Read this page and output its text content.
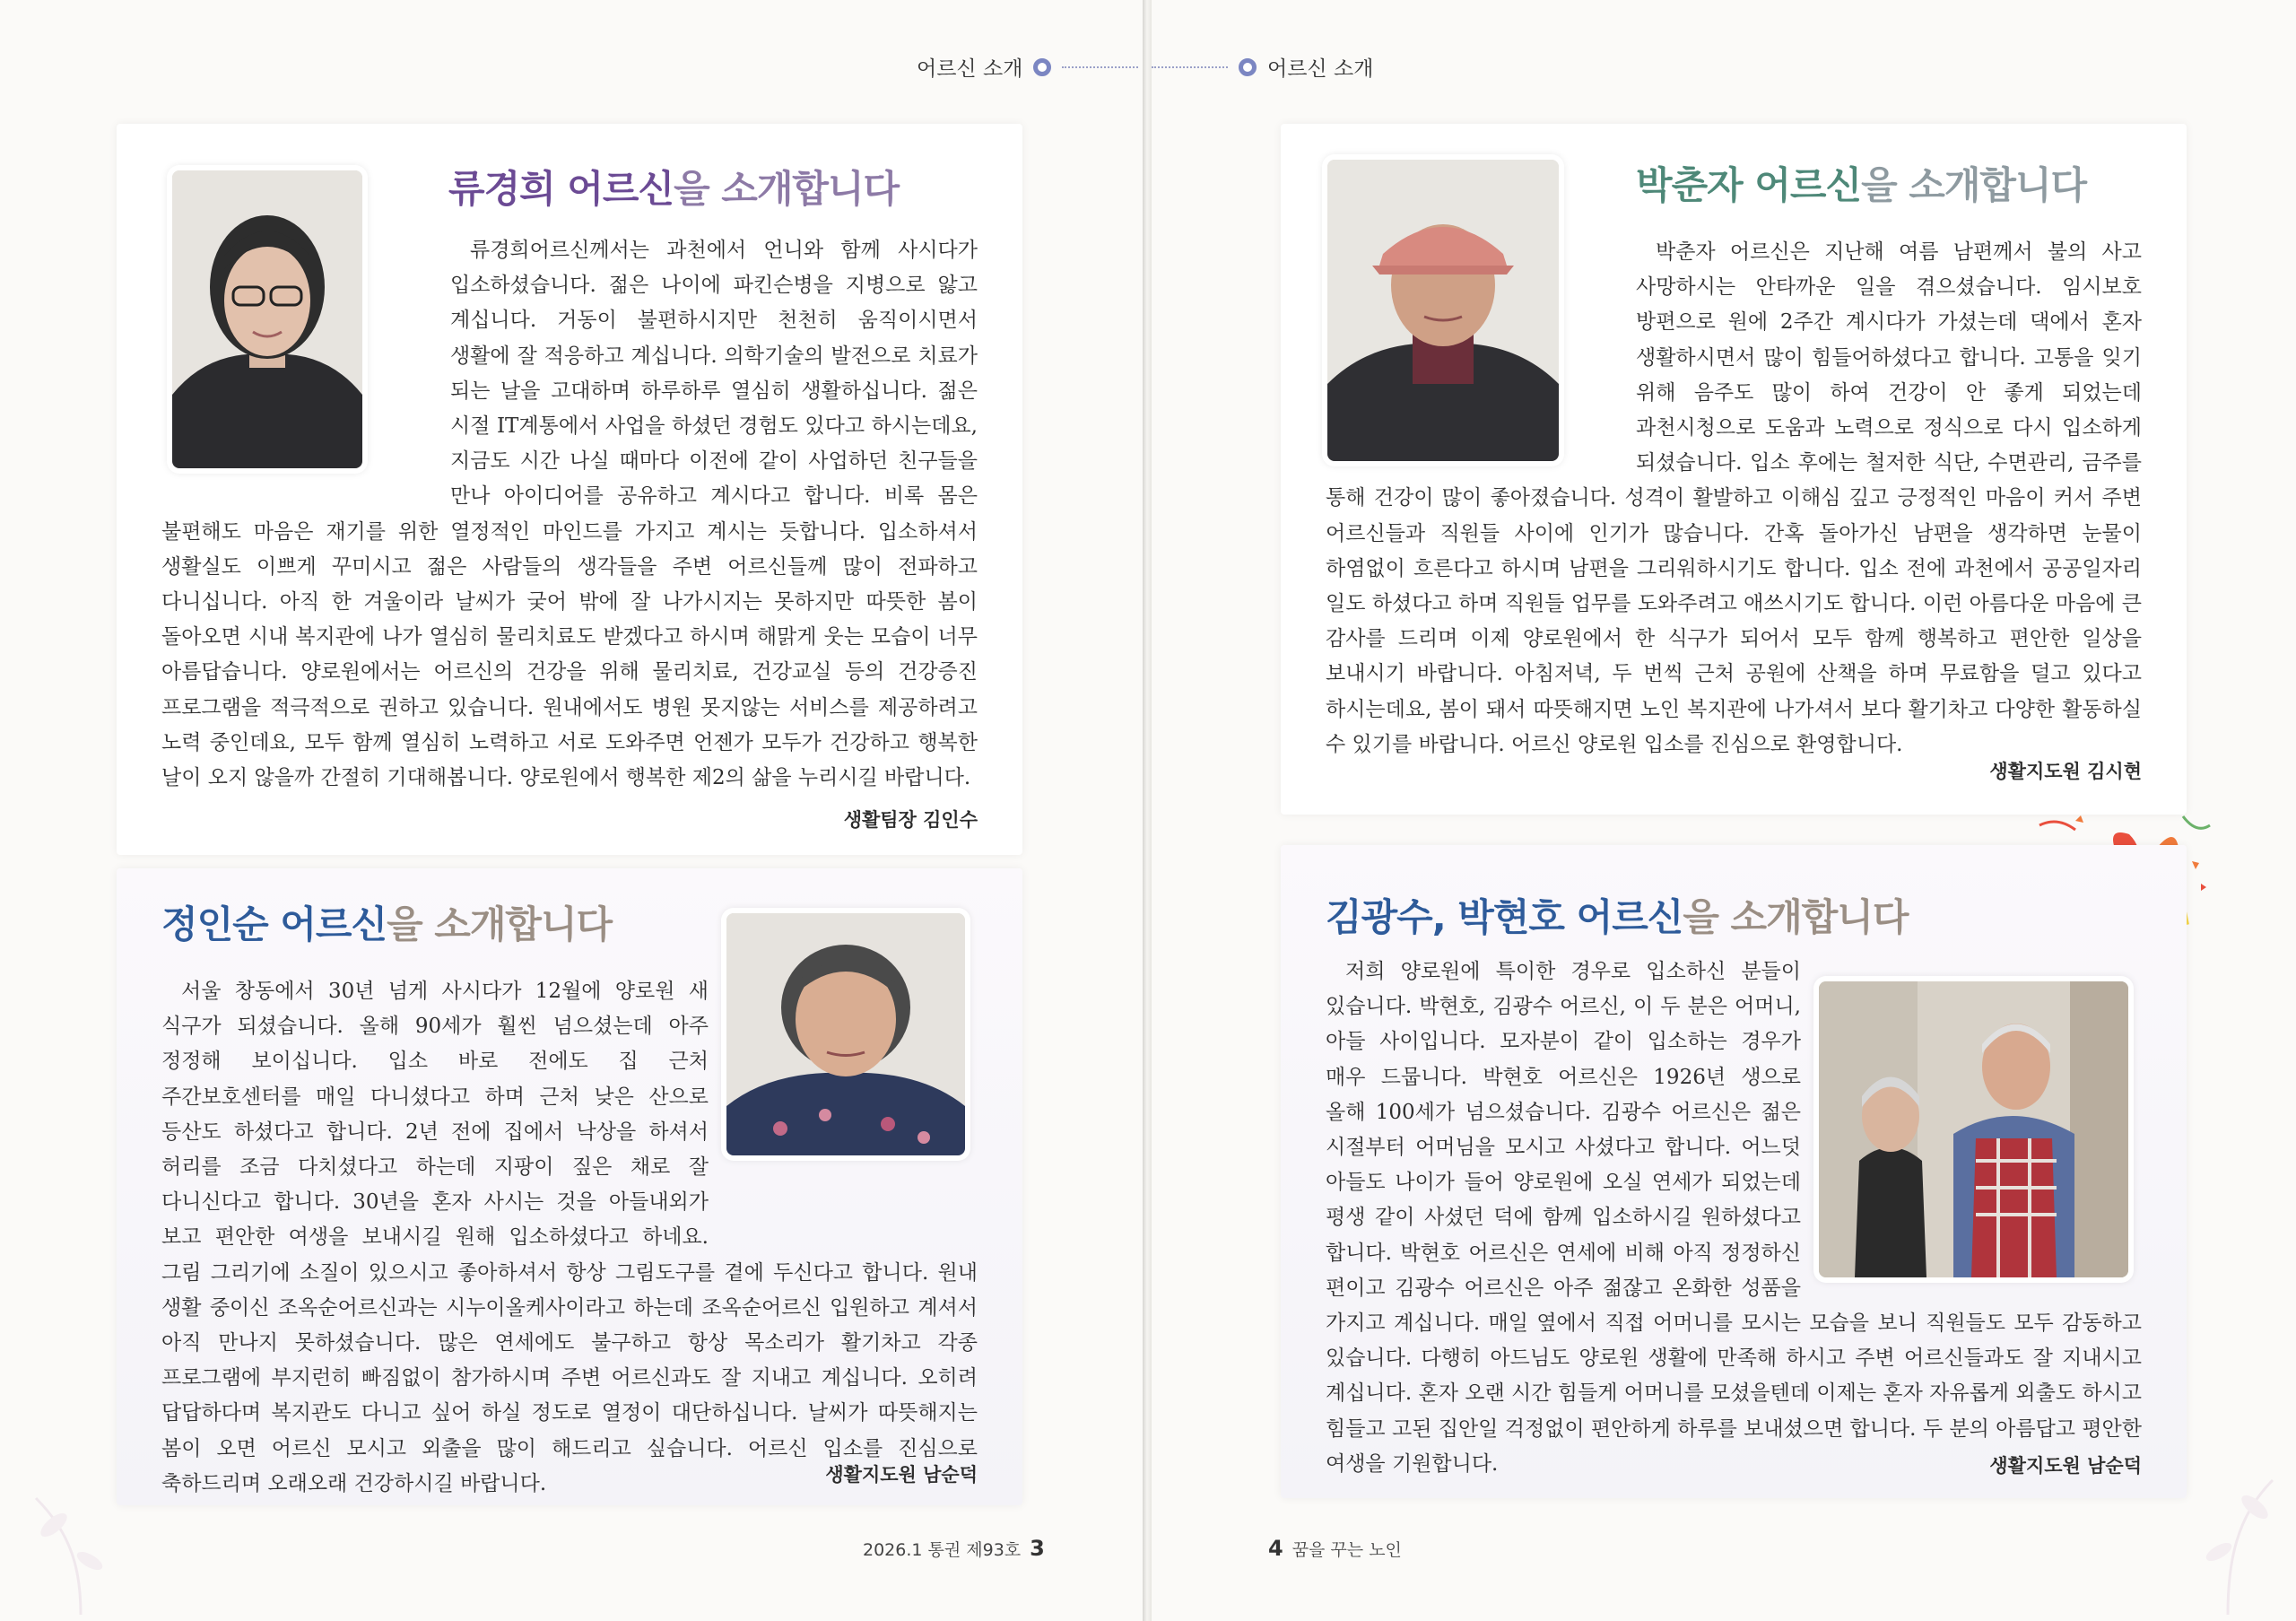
어르신 소개
류경희 어르신을 소개합니다

류경희어르신께서는 과천에서 언니와 함께 사시다가 입소하셨습니다. 젊은 나이에 파킨슨병을 지병으로 앓고 계십니다. 거동이 불편하시지만 천천히 움직이시면서 생활에 잘 적응하고 계십니다. 의학기술의 발전으로 치료가 되는 날을 고대하며 하루하루 열심히 생활하십니다. 젊은 시절 IT계통에서 사업을 하셨던 경험도 있다고 하시는데요, 지금도 시간 나실 때마다 이전에 같이 사업하던 친구들을 만나 아이디어를 공유하고 계시다고 합니다. 비록 몸은 불편해도 마음은 재기를 위한 열정적인 마인드를 가지고 계시는 듯합니다. 입소하셔서 생활실도 이쁘게 꾸미시고 젊은 사람들의 생각들을 주변 어르신들께 많이 전파하고 다니십니다. 아직 한 겨울이라 날씨가 궂어 밖에 잘 나가시지는 못하지만 따뜻한 봄이 돌아오면 시내 복지관에 나가 열심히 물리치료도 받겠다고 하시며 해맑게 웃는 모습이 너무 아름답습니다. 양로원에서는 어르신의 건강을 위해 물리치료, 건강교실 등의 건강증진 프로그램을 적극적으로 권하고 있습니다. 원내에서도 병원 못지않는 서비스를 제공하려고 노력 중인데요, 모두 함께 열심히 노력하고 서로 도와주면 언젠가 모두가 건강하고 행복한 날이 오지 않을까 간절히 기대해봅니다. 양로원에서 행복한 제2의 삶을 누리시길 바랍니다.

생활팀장 김인수
정인순 어르신을 소개합니다

서울 창동에서 30년 넘게 사시다가 12월에 양로원 새 식구가 되셨습니다. 올해 90세가 훨씬 넘으셨는데 아주 정정해 보이십니다. 입소 바로 전에도 집 근처 주간보호센터를 매일 다니셨다고 하며 근처 낮은 산으로 등산도 하셨다고 합니다. 2년 전에 집에서 낙상을 하셔서 허리를 조금 다치셨다고 하는데 지팡이 짚은 채로 잘 다니신다고 합니다. 30년을 혼자 사시는 것을 아들내외가 보고 편안한 여생을 보내시길 원해 입소하셨다고 하네요. 그림 그리기에 소질이 있으시고 좋아하셔서 항상 그림도구를 곁에 두신다고 합니다. 원내 생활 중이신 조옥순어르신과는 시누이올케사이라고 하는데 조옥순어르신 입원하고 계셔서 아직 만나지 못하셨습니다. 많은 연세에도 불구하고 항상 목소리가 활기차고 각종 프로그램에 부지런히 빠짐없이 참가하시며 주변 어르신과도 잘 지내고 계십니다. 오히려 답답하다며 복지관도 다니고 싶어 하실 정도로 열정이 대단하십니다. 날씨가 따뜻해지는 봄이 오면 어르신 모시고 외출을 많이 해드리고 싶습니다. 어르신 입소를 진심으로 축하드리며 오래오래 건강하시길 바랍니다.	생활지도원 남순덕
2026.1 통권 제93호 3
어르신 소개
박춘자 어르신을 소개합니다

박춘자 어르신은 지난해 여름 남편께서 불의 사고 사망하시는 안타까운 일을 겪으셨습니다. 임시보호 방편으로 원에 2주간 계시다가 가셨는데 댁에서 혼자 생활하시면서 많이 힘들어하셨다고 합니다. 고통을 잊기 위해 음주도 많이 하여 건강이 안 좋게 되었는데 과천시청으로 도움과 노력으로 정식으로 다시 입소하게 되셨습니다. 입소 후에는 철저한 식단, 수면관리, 금주를 통해 건강이 많이 좋아졌습니다. 성격이 활발하고 이해심 깊고 긍정적인 마음이 커서 주변 어르신들과 직원들 사이에 인기가 많습니다. 간혹 돌아가신 남편을 생각하면 눈물이 하염없이 흐른다고 하시며 남편을 그리워하시기도 합니다. 입소 전에 과천에서 공공일자리 일도 하셨다고 하며 직원들 업무를 도와주려고 애쓰시기도 합니다. 이런 아름다운 마음에 큰 감사를 드리며 이제 양로원에서 한 식구가 되어서 모두 함께 행복하고 편안한 일상을 보내시기 바랍니다. 아침저녁, 두 번씩 근처 공원에 산책을 하며 무료함을 덜고 있다고 하시는데요, 봄이 돼서 따뜻해지면 노인 복지관에 나가셔서 보다 활기차고 다양한 활동하실 수 있기를 바랍니다. 어르신 양로원 입소를 진심으로 환영합니다.

생활지도원 김시현
김광수, 박현호 어르신을 소개합니다

저희 양로원에 특이한 경우로 입소하신 분들이 있습니다. 박현호, 김광수 어르신, 이 두 분은 어머니, 아들 사이입니다. 모자분이 같이 입소하는 경우가 매우 드뭅니다. 박현호 어르신은 1926년 생으로 올해 100세가 넘으셨습니다. 김광수 어르신은 젊은 시절부터 어머님을 모시고 사셨다고 합니다. 어느덧 아들도 나이가 들어 양로원에 오실 연세가 되었는데 평생 같이 사셨던 덕에 함께 입소하시길 원하셨다고 합니다. 박현호 어르신은 연세에 비해 아직 정정하신 편이고 김광수 어르신은 아주 젊잖고 온화한 성품을 가지고 계십니다. 매일 옆에서 직접 어머니를 모시는 모습을 보니 직원들도 모두 감동하고 있습니다. 다행히 아드님도 양로원 생활에 만족해 하시고 주변 어르신들과도 잘 지내시고 계십니다. 혼자 오랜 시간 힘들게 어머니를 모셨을텐데 이제는 혼자 자유롭게 외출도 하시고 힘들고 고된 집안일 걱정없이 편안하게 하루를 보내셨으면 합니다. 두 분의 아름답고 평안한 여생을 기원합니다.	생활지도원 남순덕
4 꿈을 꾸는 노인
